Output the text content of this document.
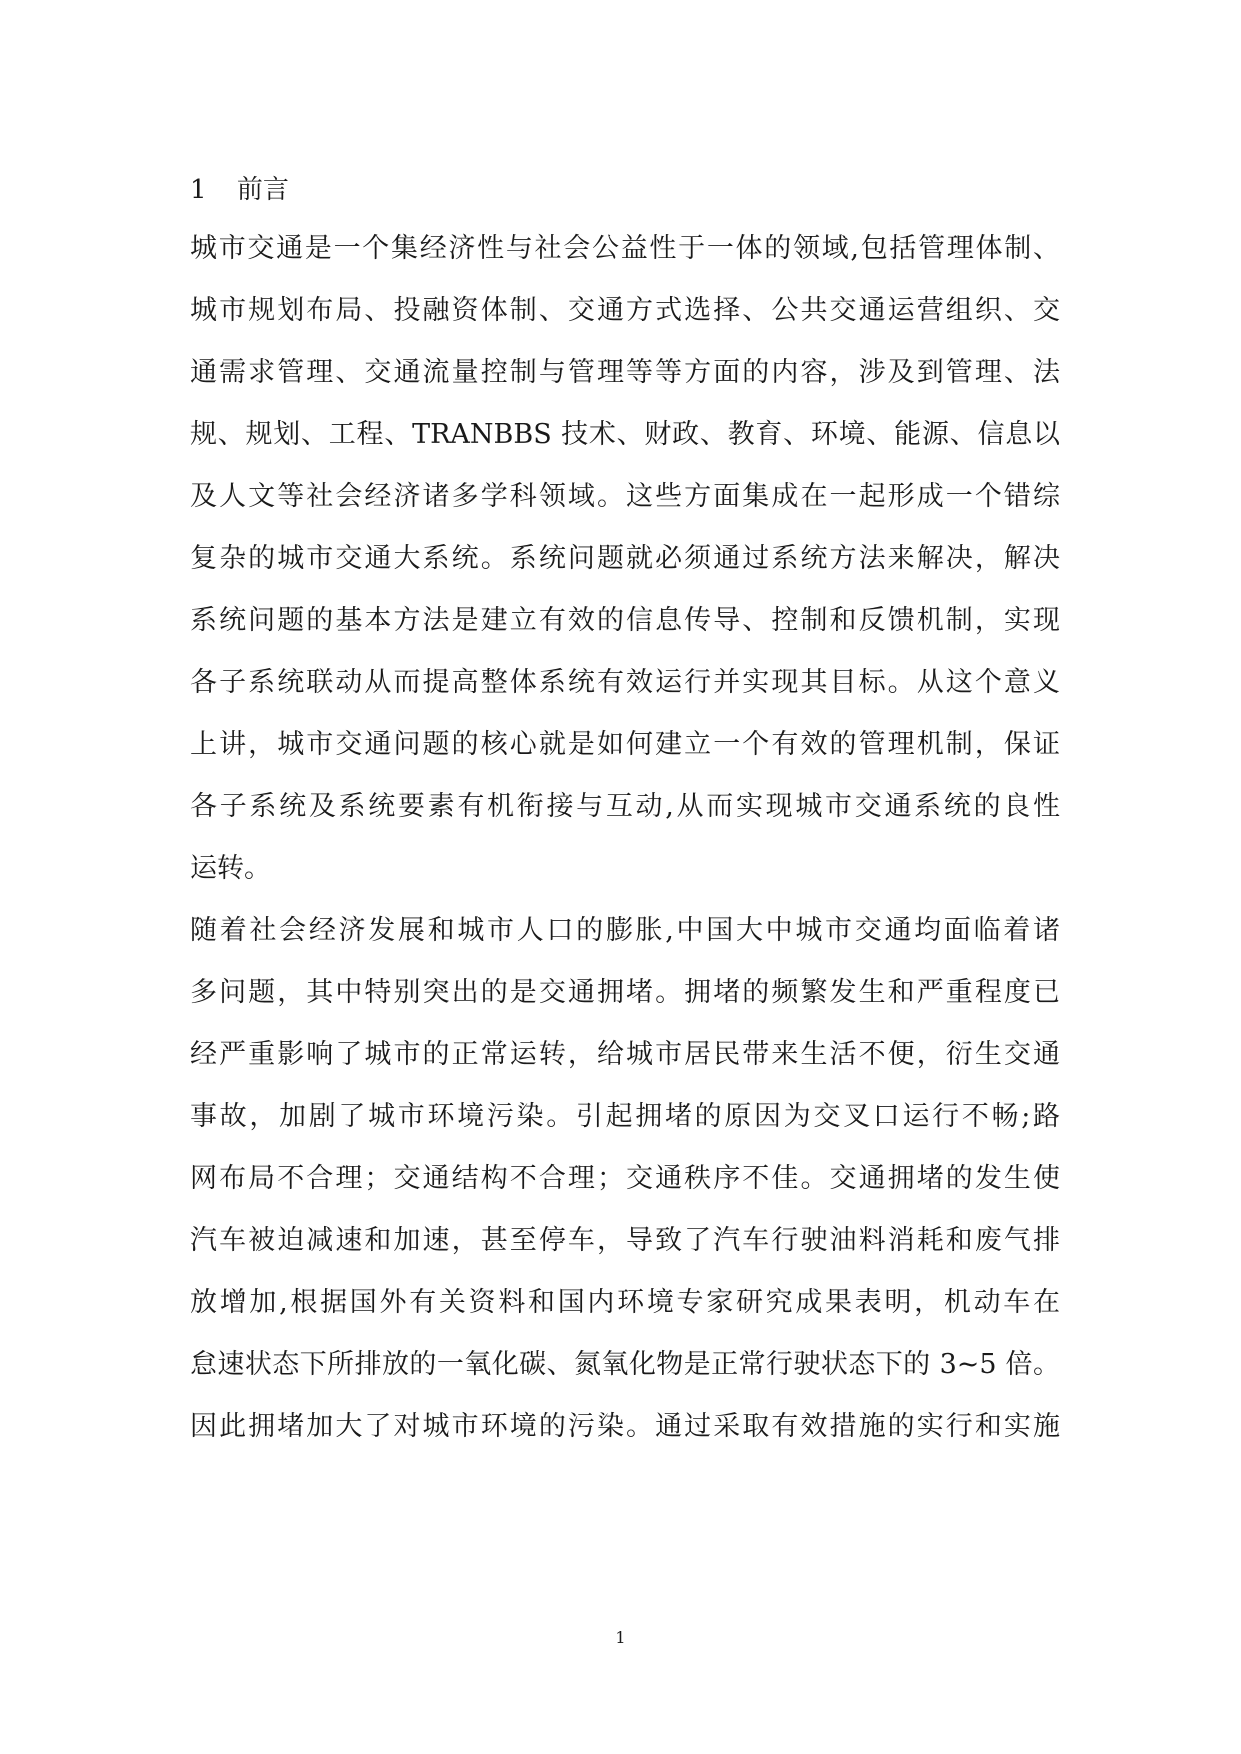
1 前言
城市交通是一个集经济性与社会公益性于一体的领域,包括管理体制、
城市规划布局、投融资体制、交通方式选择、公共交通运营组织、交
通需求管理、交通流量控制与管理等等方面的内容，涉及到管理、法
规、规划、工程、TRANBBS 技术、财政、教育、环境、能源、信息以
及人文等社会经济诸多学科领域。这些方面集成在一起形成一个错综
复杂的城市交通大系统。系统问题就必须通过系统方法来解决，解决
系统问题的基本方法是建立有效的信息传导、控制和反馈机制，实现
各子系统联动从而提高整体系统有效运行并实现其目标。从这个意义
上讲，城市交通问题的核心就是如何建立一个有效的管理机制，保证
各子系统及系统要素有机衔接与互动,从而实现城市交通系统的良性
运转。
随着社会经济发展和城市人口的膨胀,中国大中城市交通均面临着诸
多问题，其中特别突出的是交通拥堵。拥堵的频繁发生和严重程度已
经严重影响了城市的正常运转，给城市居民带来生活不便，衍生交通
事故，加剧了城市环境污染。引起拥堵的原因为交叉口运行不畅;路
网布局不合理；交通结构不合理；交通秩序不佳。交通拥堵的发生使
汽车被迫减速和加速，甚至停车，导致了汽车行驶油料消耗和废气排
放增加,根据国外有关资料和国内环境专家研究成果表明，机动车在
怠速状态下所排放的一氧化碳、氮氧化物是正常行驶状态下的 3~5 倍。
因此拥堵加大了对城市环境的污染。通过采取有效措施的实行和实施
1
